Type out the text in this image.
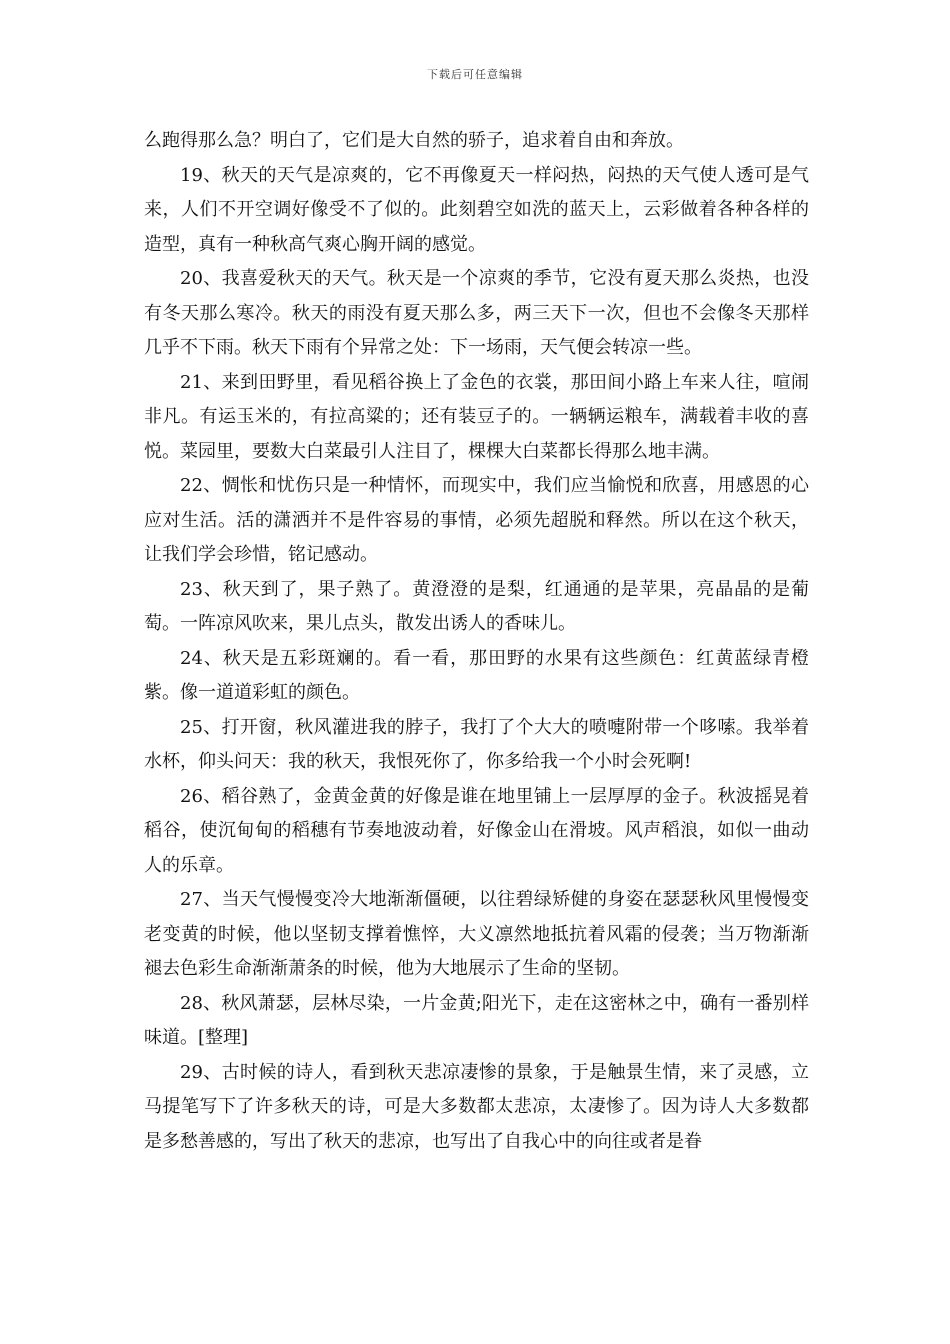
下载后可任意编辑

么跑得那么急？明白了，它们是大自然的骄子，追求着自由和奔放。

19、秋天的天气是凉爽的，它不再像夏天一样闷热，闷热的天气使人透可是气来，人们不开空调好像受不了似的。此刻碧空如洗的蓝天上，云彩做着各种各样的造型，真有一种秋高气爽心胸开阔的感觉。

20、我喜爱秋天的天气。秋天是一个凉爽的季节，它没有夏天那么炎热，也没有冬天那么寒冷。秋天的雨没有夏天那么多，两三天下一次，但也不会像冬天那样几乎不下雨。秋天下雨有个异常之处：下一场雨，天气便会转凉一些。

21、来到田野里，看见稻谷换上了金色的衣裳，那田间小路上车来人往，喧闹非凡。有运玉米的，有拉高粱的；还有装豆子的。一辆辆运粮车，满载着丰收的喜悦。菜园里，要数大白菜最引人注目了，棵棵大白菜都长得那么地丰满。

22、惆怅和忧伤只是一种情怀，而现实中，我们应当愉悦和欣喜，用感恩的心应对生活。活的潇洒并不是件容易的事情，必须先超脱和释然。所以在这个秋天，让我们学会珍惜，铭记感动。

23、秋天到了，果子熟了。黄澄澄的是梨，红通通的是苹果，亮晶晶的是葡萄。一阵凉风吹来，果儿点头，散发出诱人的香味儿。

24、秋天是五彩斑斓的。看一看，那田野的水果有这些颜色：红黄蓝绿青橙紫。像一道道彩虹的颜色。

25、打开窗，秋风灌进我的脖子，我打了个大大的喷嚏附带一个哆嗦。我举着水杯，仰头问天：我的秋天，我恨死你了，你多给我一个小时会死啊!

26、稻谷熟了，金黄金黄的好像是谁在地里铺上一层厚厚的金子。秋波摇晃着稻谷，使沉甸甸的稻穗有节奏地波动着，好像金山在滑坡。风声稻浪，如似一曲动人的乐章。

27、当天气慢慢变冷大地渐渐僵硬，以往碧绿矫健的身姿在瑟瑟秋风里慢慢变老变黄的时候，他以坚韧支撑着憔悴，大义凛然地抵抗着风霜的侵袭；当万物渐渐褪去色彩生命渐渐萧条的时候，他为大地展示了生命的坚韧。

28、秋风萧瑟，层林尽染，一片金黄;阳光下，走在这密林之中，确有一番别样味道。[整理]

29、古时候的诗人，看到秋天悲凉凄惨的景象，于是触景生情，来了灵感，立马提笔写下了许多秋天的诗，可是大多数都太悲凉，太凄惨了。因为诗人大多数都是多愁善感的，写出了秋天的悲凉，也写出了自我心中的向往或者是眷
